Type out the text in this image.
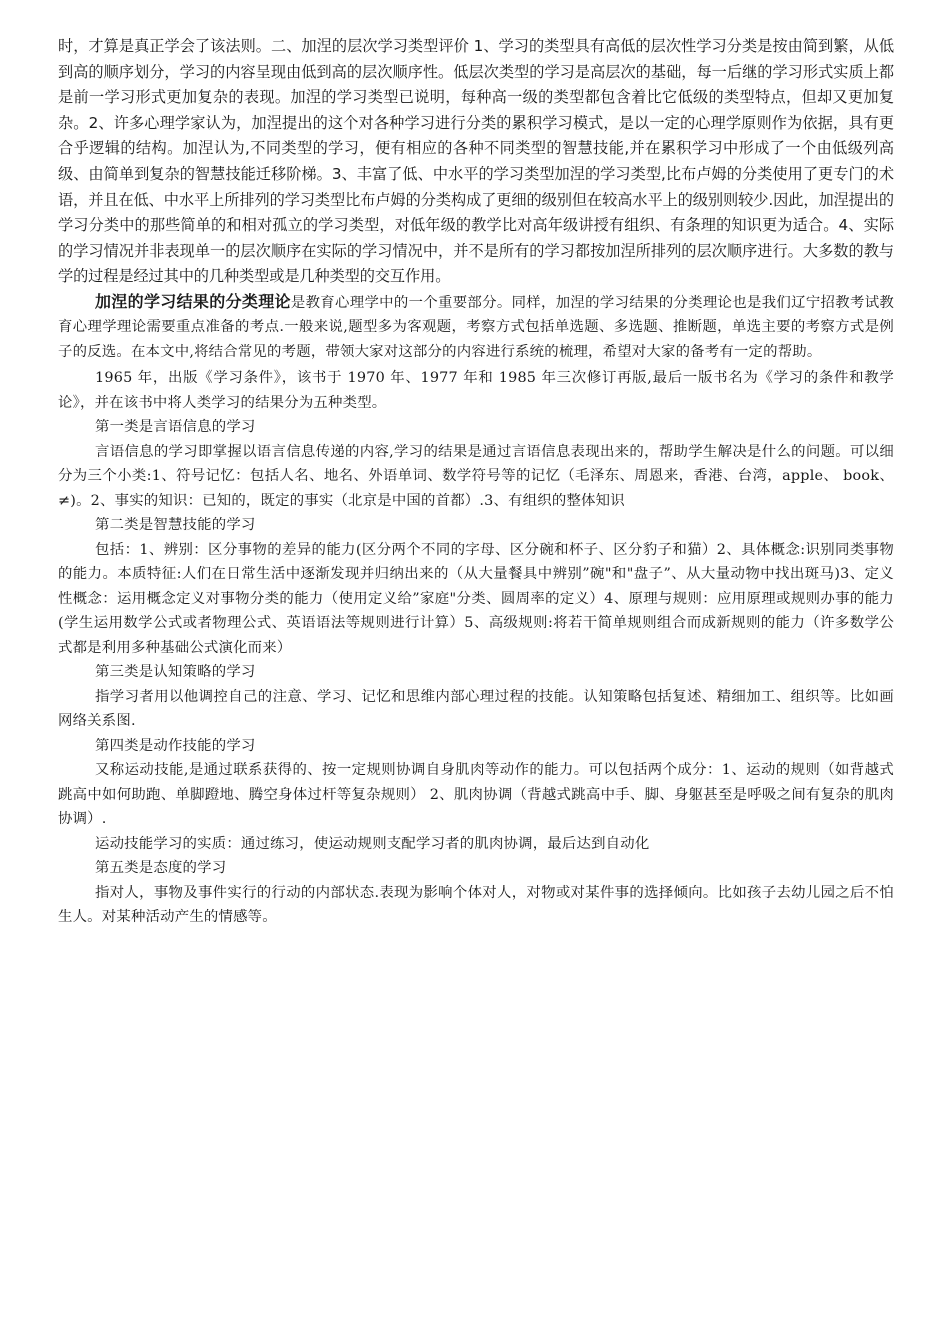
时，才算是真正学会了该法则。二、加涅的层次学习类型评价 1、学习的类型具有高低的层次性学习分类是按由简到繁，从低到高的顺序划分，学习的内容呈现由低到高的层次顺序性。低层次类型的学习是高层次的基础，每一后继的学习形式实质上都是前一学习形式更加复杂的表现。加涅的学习类型已说明，每种高一级的类型都包含着比它低级的类型特点，但却又更加复杂。2、许多心理学家认为，加涅提出的这个对各种学习进行分类的累积学习模式，是以一定的心理学原则作为依据，具有更合乎逻辑的结构。加涅认为,不同类型的学习，便有相应的各种不同类型的智慧技能,并在累积学习中形成了一个由低级列高级、由简单到复杂的智慧技能迁移阶梯。3、丰富了低、中水平的学习类型加涅的学习类型,比布卢姆的分类使用了更专门的术语，并且在低、中水平上所排列的学习类型比布卢姆的分类构成了更细的级别但在较高水平上的级别则较少.因此，加涅提出的学习分类中的那些简单的和相对孤立的学习类型，对低年级的教学比对高年级讲授有组织、有条理的知识更为适合。4、实际的学习情况并非表现单一的层次顺序在实际的学习情况中，并不是所有的学习都按加涅所排列的层次顺序进行。大多数的教与学的过程是经过其中的几种类型或是几种类型的交互作用。

加涅的学习结果的分类理论是教育心理学中的一个重要部分。同样，加涅的学习结果的分类理论也是我们辽宁招教考试教育心理学理论需要重点准备的考点.一般来说,题型多为客观题，考察方式包括单选题、多选题、推断题，单选主要的考察方式是例子的反选。在本文中,将结合常见的考题，带领大家对这部分的内容进行系统的梳理，希望对大家的备考有一定的帮助。

1965 年，出版《学习条件》，该书于 1970 年、1977 年和 1985 年三次修订再版,最后一版书名为《学习的条件和教学论》，并在该书中将人类学习的结果分为五种类型。

第一类是言语信息的学习

言语信息的学习即掌握以语言信息传递的内容,学习的结果是通过言语信息表现出来的，帮助学生解决是什么的问题。可以细分为三个小类:1、符号记忆：包括人名、地名、外语单词、数学符号等的记忆（毛泽东、周恩来，香港、台湾，apple、 book、≠)。2、事实的知识：已知的，既定的事实（北京是中国的首都）.3、有组织的整体知识

第二类是智慧技能的学习

包括：1、辨别：区分事物的差异的能力(区分两个不同的字母、区分碗和杯子、区分豹子和猫）2、具体概念:识别同类事物的能力。本质特征:人们在日常生活中逐渐发现并归纳出来的（从大量餐具中辨别”碗"和"盘子”、从大量动物中找出斑马)3、定义性概念：运用概念定义对事物分类的能力（使用定义给”家庭"分类、圆周率的定义）4、原理与规则：应用原理或规则办事的能力(学生运用数学公式或者物理公式、英语语法等规则进行计算）5、高级规则:将若干简单规则组合而成新规则的能力（许多数学公式都是利用多种基础公式演化而来）

第三类是认知策略的学习

指学习者用以他调控自己的注意、学习、记忆和思维内部心理过程的技能。认知策略包括复述、精细加工、组织等。比如画网络关系图.

第四类是动作技能的学习

又称运动技能,是通过联系获得的、按一定规则协调自身肌肉等动作的能力。可以包括两个成分：1、运动的规则（如背越式跳高中如何助跑、单脚蹬地、腾空身体过杆等复杂规则） 2、肌肉协调（背越式跳高中手、脚、身躯甚至是呼吸之间有复杂的肌肉协调）.

运动技能学习的实质：通过练习，使运动规则支配学习者的肌肉协调，最后达到自动化

第五类是态度的学习

指对人，事物及事件实行的行动的内部状态.表现为影响个体对人，对物或对某件事的选择倾向。比如孩子去幼儿园之后不怕生人。对某种活动产生的情感等。
